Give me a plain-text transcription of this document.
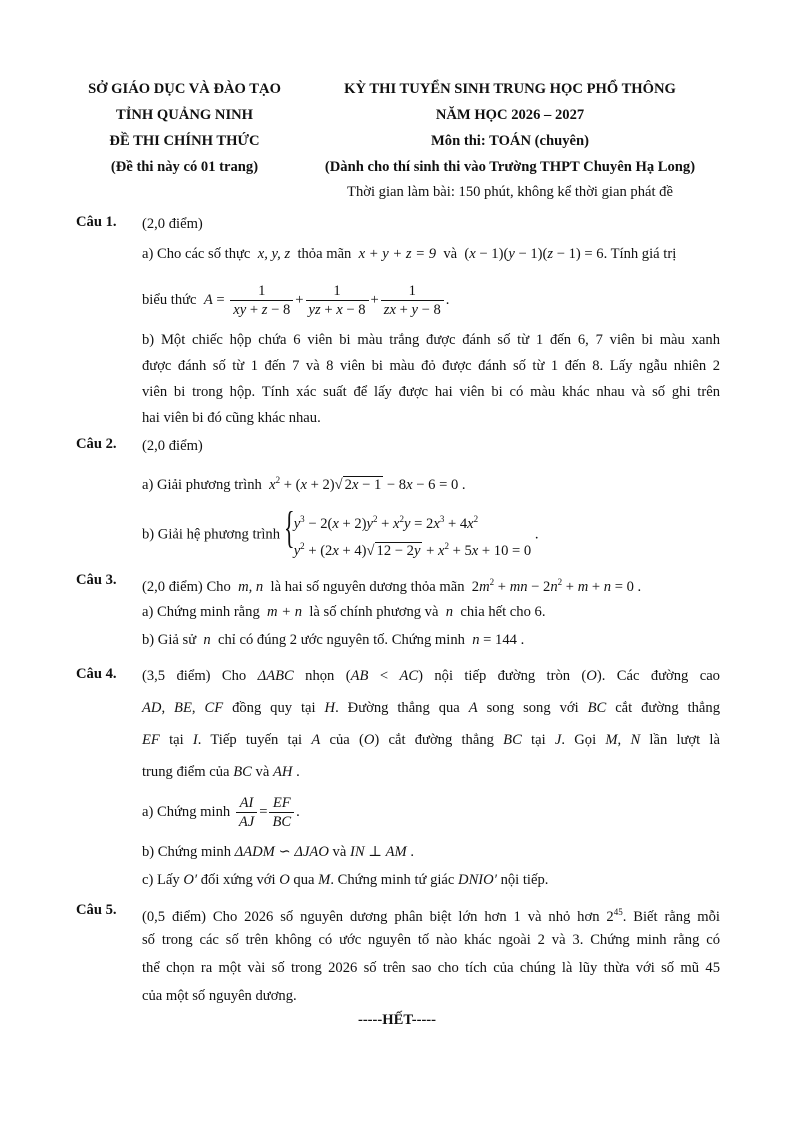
SỞ GIÁO DỤC VÀ ĐÀO TẠO
TỈNH QUẢNG NINH
ĐỀ THI CHÍNH THỨC
(Đề thi này có 01 trang)
KỲ THI TUYỂN SINH TRUNG HỌC PHỔ THÔNG
NĂM HỌC 2026 – 2027
Môn thi: TOÁN (chuyên)
(Dành cho thí sinh thi vào Trường THPT Chuyên Hạ Long)
Thời gian làm bài: 150 phút, không kể thời gian phát đề
Câu 1. (2,0 điểm)
a) Cho các số thực  x, y, z  thỏa mãn  x + y + z = 9  và  (x − 1)(y − 1)(z − 1) = 6. Tính giá trị
biểu thức  $A = \frac{1}{xy + z - 8} + \frac{1}{yz + x - 8} + \frac{1}{zx + y - 8}$ .
b) Một chiếc hộp chứa 6 viên bi màu trắng được đánh số từ 1 đến 6, 7 viên bi màu xanh
được đánh số từ 1 đến 7 và 8 viên bi màu đỏ được đánh số từ 1 đến 8. Lấy ngẫu nhiên 2
viên bi trong hộp. Tính xác suất để lấy được hai viên bi có màu khác nhau và số ghi trên
hai viên bi đó cũng khác nhau.
Câu 2. (2,0 điểm)
a) Giải phương trình $x^2 + (x + 2)√$ 2x − 1 − 8x − 6 = 0 .
b) Giải hệ phương trình { $y^3 - 2(x + 2)y^2 + x^2y = 2x^3 + 4x^2$
$y^2 + (2x + 4)√$ $12 - 2y + x^2 + 5x + 10 = 0$
.
Câu 3. (2,0 điểm) Cho  m, n  là hai số nguyên dương thỏa mãn  $2m^2$ + mn − $2n^2 + m + n = 0$ .
a) Chứng minh rằng  m + n  là số chính phương và  n  chia hết cho 6.
b) Giả sử  n  chỉ có đúng 2 ước nguyên tố. Chứng minh n = 144 .
Câu 4. (3,5 điểm) Cho ΔABC nhọn (AB < AC) nội tiếp đường tròn (O). Các đường cao
AD, BE, CF đồng quy tại H. Đường thẳng qua A song song với BC cắt đường thẳng
EF tại I. Tiếp tuyến tại A của (O) cắt đường thẳng BC tại J. Gọi M, N lần lượt là
trung điểm của BC và AH .
a) Chứng minh $\frac{AI}{AJ} = \frac{EF}{BC}$ .
b) Chứng minh ΔADM ∽ ΔJAO và IN ⊥ AM .
c) Lấy O′ đối xứng với O qua M. Chứng minh tứ giác DNIO′ nội tiếp.
Câu 5. (0,5 điểm) Cho 2026 số nguyên dương phân biệt lớn hơn 1 và nhỏ hơn $2^{45}$. Biết rằng mỗi
số trong các số trên không có ước nguyên tố nào khác ngoài 2 và 3. Chứng minh rằng có
thể chọn ra một vài số trong 2026 số trên sao cho tích của chúng là lũy thừa với số mũ 45
của một số nguyên dương.
-----HẾT-----
